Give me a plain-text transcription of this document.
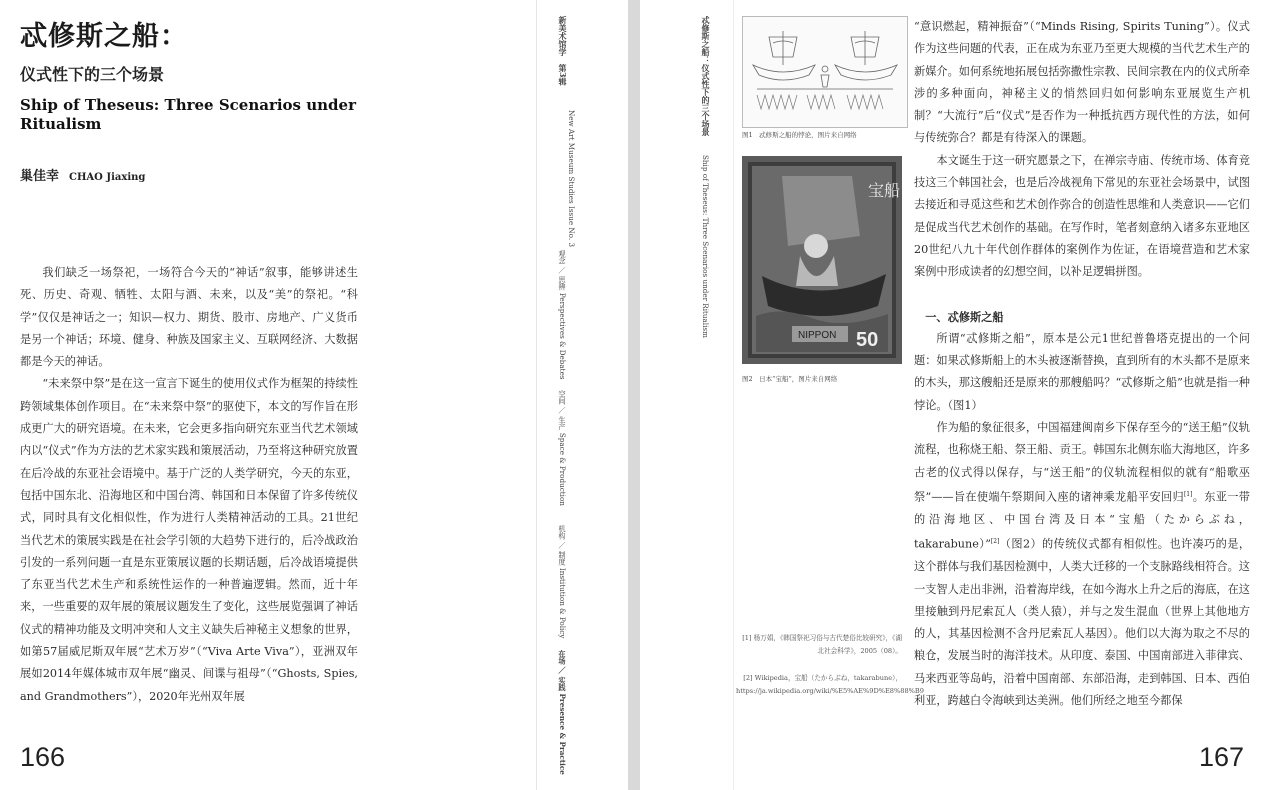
忒修斯之船：
仪式性下的三个场景
Ship of Theseus: Three Scenarios under Ritualism
巢佳幸 CHAO Jiaxing

我们缺乏一场祭祀，一场符合今天的“神话”叙事，能够讲述生死、历史、奇观、牺牲、太阳与酒、未来，以及“美”的祭祀。“科学”仅仅是神话之一；知识—权力、期货、股市、房地产、广义货币是另一个神话；环境、健身、种族及国家主义、互联网经济、大数据都是今天的神话。

“未来祭中祭”是在这一宣言下诞生的使用仪式作为框架的持续性跨领域集体创作项目。在“未来祭中祭”的驱使下，本文的写作旨在形成更广大的研究语境。在未来，它会更多指向研究东亚当代艺术领域内以“仪式”作为方法的艺术家实践和策展活动，乃至将这种研究放置在后冷战的东亚社会语境中。基于广泛的人类学研究，今天的东亚，包括中国东北、沿海地区和中国台湾、韩国和日本保留了许多传统仪式，同时具有文化相似性，作为进行人类精神活动的工具。21世纪当代艺术的策展实践是在社会学引领的大趋势下进行的，后冷战政治引发的一系列问题一直是东亚策展议题的长期话题，后冷战语境提供了东亚当代艺术生产和系统性运作的一种普遍逻辑。然而，近十年来，一些重要的双年展的策展议题发生了变化，这些展览强调了神话仪式的精神功能及文明冲突和人文主义缺失后神秘主义想象的世界，如第57届威尼斯双年展“艺术万岁”（“Viva Arte Viva”），亚洲双年展如2014年媒体城市双年展“幽灵、间谍与祖母”（“Ghosts, Spies, and Grandmothers”），2020年光州双年展

166
新美术馆学　第3辑
New Art Museum Studies Issue No. 3
观念 ／ 思辨 Perspectives & Debates
空间 ／ 生产 Space & Production
机构 ／ 制度 Institution & Policy
在场 ／ 实践 Presence & Practice
忒修斯之船：仪式性下的三个场景
Ship of Theseus: Three Scenarios under Ritualism
图1　忒修斯之船的悖论，图片来自网络
宝船
NIPPON 50
图2　日本“宝船”，图片来自网络
[1] 杨万娟，《韩国祭祀习俗与古代楚俗比较研究》，《湖北社会科学》，2005（08）。
[2] Wikipedia，宝船（たからぶね，takarabune），https://ja.wikipedia.org/wiki/%E5%AE%9D%E8%88%B9

“意识燃起，精神振奋”（“Minds Rising, Spirits Tuning”）。仪式作为这些问题的代表，正在成为东亚乃至更大规模的当代艺术生产的新媒介。如何系统地拓展包括弥撒性宗教、民间宗教在内的仪式所牵涉的多种面向，神秘主义的悄然回归如何影响东亚展览生产机制？“大流行”后“仪式”是否作为一种抵抗西方现代性的方法，如何与传统弥合？都是有待深入的课题。

本文诞生于这一研究愿景之下，在禅宗寺庙、传统市场、体育竞技这三个韩国社会，也是后冷战视角下常见的东亚社会场景中，试图去接近和寻觅这些和艺术创作弥合的创造性思维和人类意识——它们是促成当代艺术创作的基础。在写作时，笔者刻意纳入诸多东亚地区20世纪八九十年代创作群体的案例作为佐证，在语境营造和艺术家案例中形成读者的幻想空间，以补足逻辑拼图。

一、忒修斯之船

所谓“忒修斯之船”，原本是公元1世纪普鲁塔克提出的一个问题：如果忒修斯船上的木头被逐渐替换，直到所有的木头都不是原来的木头，那这艘船还是原来的那艘船吗？“忒修斯之船”也就是指一种悖论。（图1）

作为船的象征很多，中国福建闽南乡下保存至今的“送王船”仪轨流程，也称烧王船、祭王船、贡王。韩国东北侧东临大海地区，许多古老的仪式得以保存，与“送王船”的仪轨流程相似的就有“船歌巫祭”——旨在使端午祭期间入座的诸神乘龙船平安回归[1]。东亚一带的沿海地区、中国台湾及日本“宝船（たからぶね，takarabune）”[2]（图2）的传统仪式都有相似性。也许凑巧的是，这个群体与我们基因检测中，人类大迁移的一个支脉路线相符合。这一支智人走出非洲，沿着海岸线，在如今海水上升之后的海底，在这里接触到丹尼索瓦人（类人猿），并与之发生混血（世界上其他地方的人，其基因检测不含丹尼索瓦人基因）。他们以大海为取之不尽的粮仓，发展当时的海洋技术。从印度、泰国、中国南部进入菲律宾、马来西亚等岛屿，沿着中国南部、东部沿海，走到韩国、日本、西伯利亚，跨越白令海峡到达美洲。他们所经之地至今都保

167
